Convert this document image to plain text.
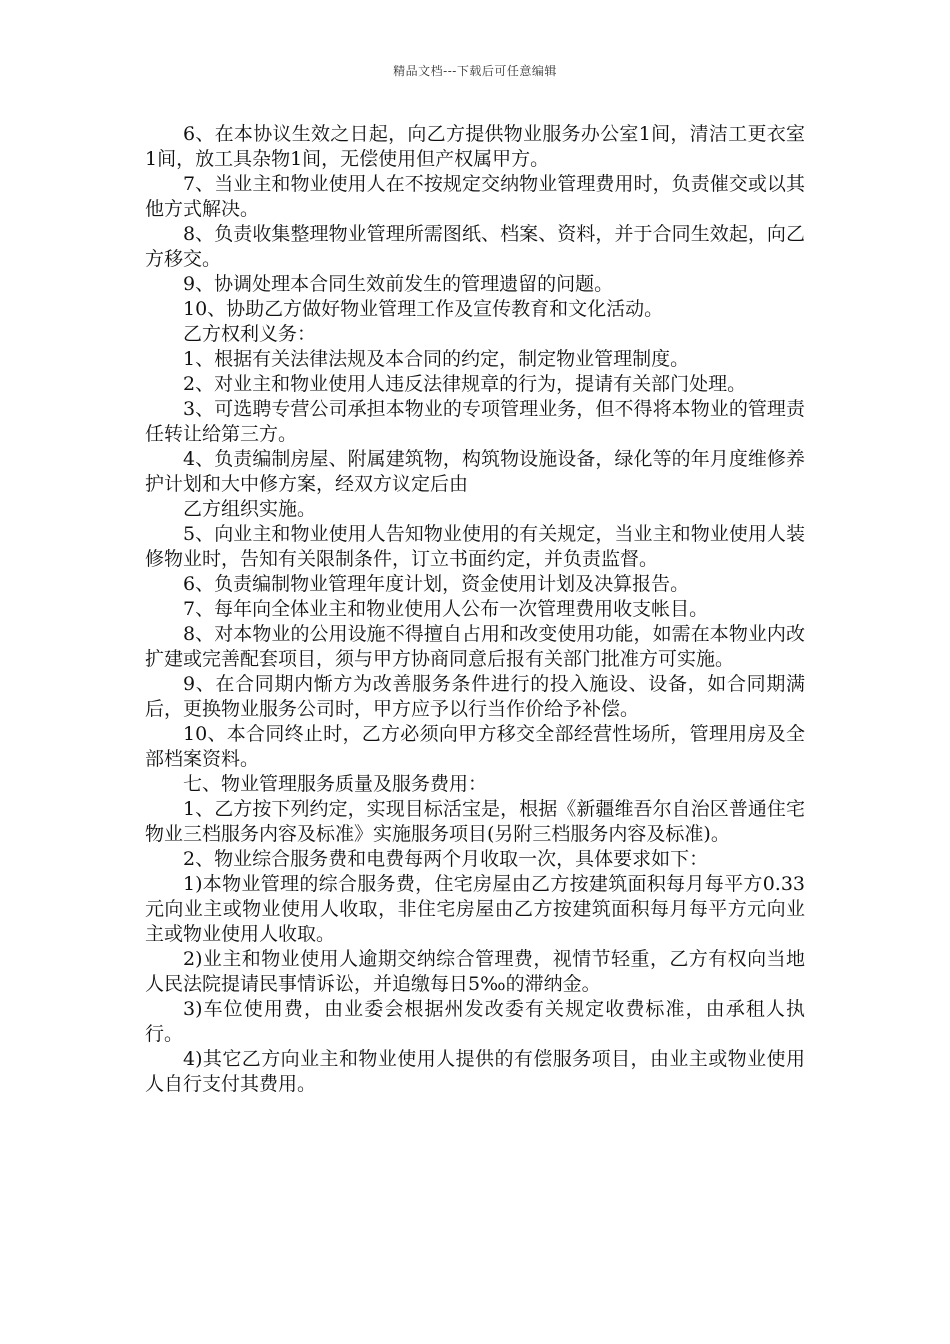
精品文档---下载后可任意编辑

6、在本协议生效之日起，向乙方提供物业服务办公室1间，清洁工更衣室1间，放工具杂物1间，无偿使用但产权属甲方。

7、当业主和物业使用人在不按规定交纳物业管理费用时，负责催交或以其他方式解决。

8、负责收集整理物业管理所需图纸、档案、资料，并于合同生效起，向乙方移交。

9、协调处理本合同生效前发生的管理遗留的问题。

10、协助乙方做好物业管理工作及宣传教育和文化活动。

乙方权利义务：

1、根据有关法律法规及本合同的约定，制定物业管理制度。

2、对业主和物业使用人违反法律规章的行为，提请有关部门处理。

3、可选聘专营公司承担本物业的专项管理业务，但不得将本物业的管理责任转让给第三方。

4、负责编制房屋、附属建筑物，构筑物设施设备，绿化等的年月度维修养护计划和大中修方案，经双方议定后由

乙方组织实施。

5、向业主和物业使用人告知物业使用的有关规定，当业主和物业使用人装修物业时，告知有关限制条件，订立书面约定，并负责监督。

6、负责编制物业管理年度计划，资金使用计划及决算报告。

7、每年向全体业主和物业使用人公布一次管理费用收支帐目。

8、对本物业的公用设施不得擅自占用和改变使用功能，如需在本物业内改扩建或完善配套项目，须与甲方协商同意后报有关部门批准方可实施。

9、在合同期内惭方为改善服务条件进行的投入施设、设备，如合同期满后，更换物业服务公司时，甲方应予以行当作价给予补偿。

10、本合同终止时，乙方必须向甲方移交全部经营性场所，管理用房及全部档案资料。

七、物业管理服务质量及服务费用：

1、乙方按下列约定，实现目标活宝是，根据《新疆维吾尔自治区普通住宅物业三档服务内容及标准》实施服务项目(另附三档服务内容及标准)。

2、物业综合服务费和电费每两个月收取一次，具体要求如下：

1)本物业管理的综合服务费，住宅房屋由乙方按建筑面积每月每平方0.33元向业主或物业使用人收取，非住宅房屋由乙方按建筑面积每月每平方元向业主或物业使用人收取。

2)业主和物业使用人逾期交纳综合管理费，视情节轻重，乙方有权向当地人民法院提请民事情诉讼，并追缴每日5‰的滞纳金。

3)车位使用费，由业委会根据州发改委有关规定收费标准，由承租人执行。

4)其它乙方向业主和物业使用人提供的有偿服务项目，由业主或物业使用人自行支付其费用。
